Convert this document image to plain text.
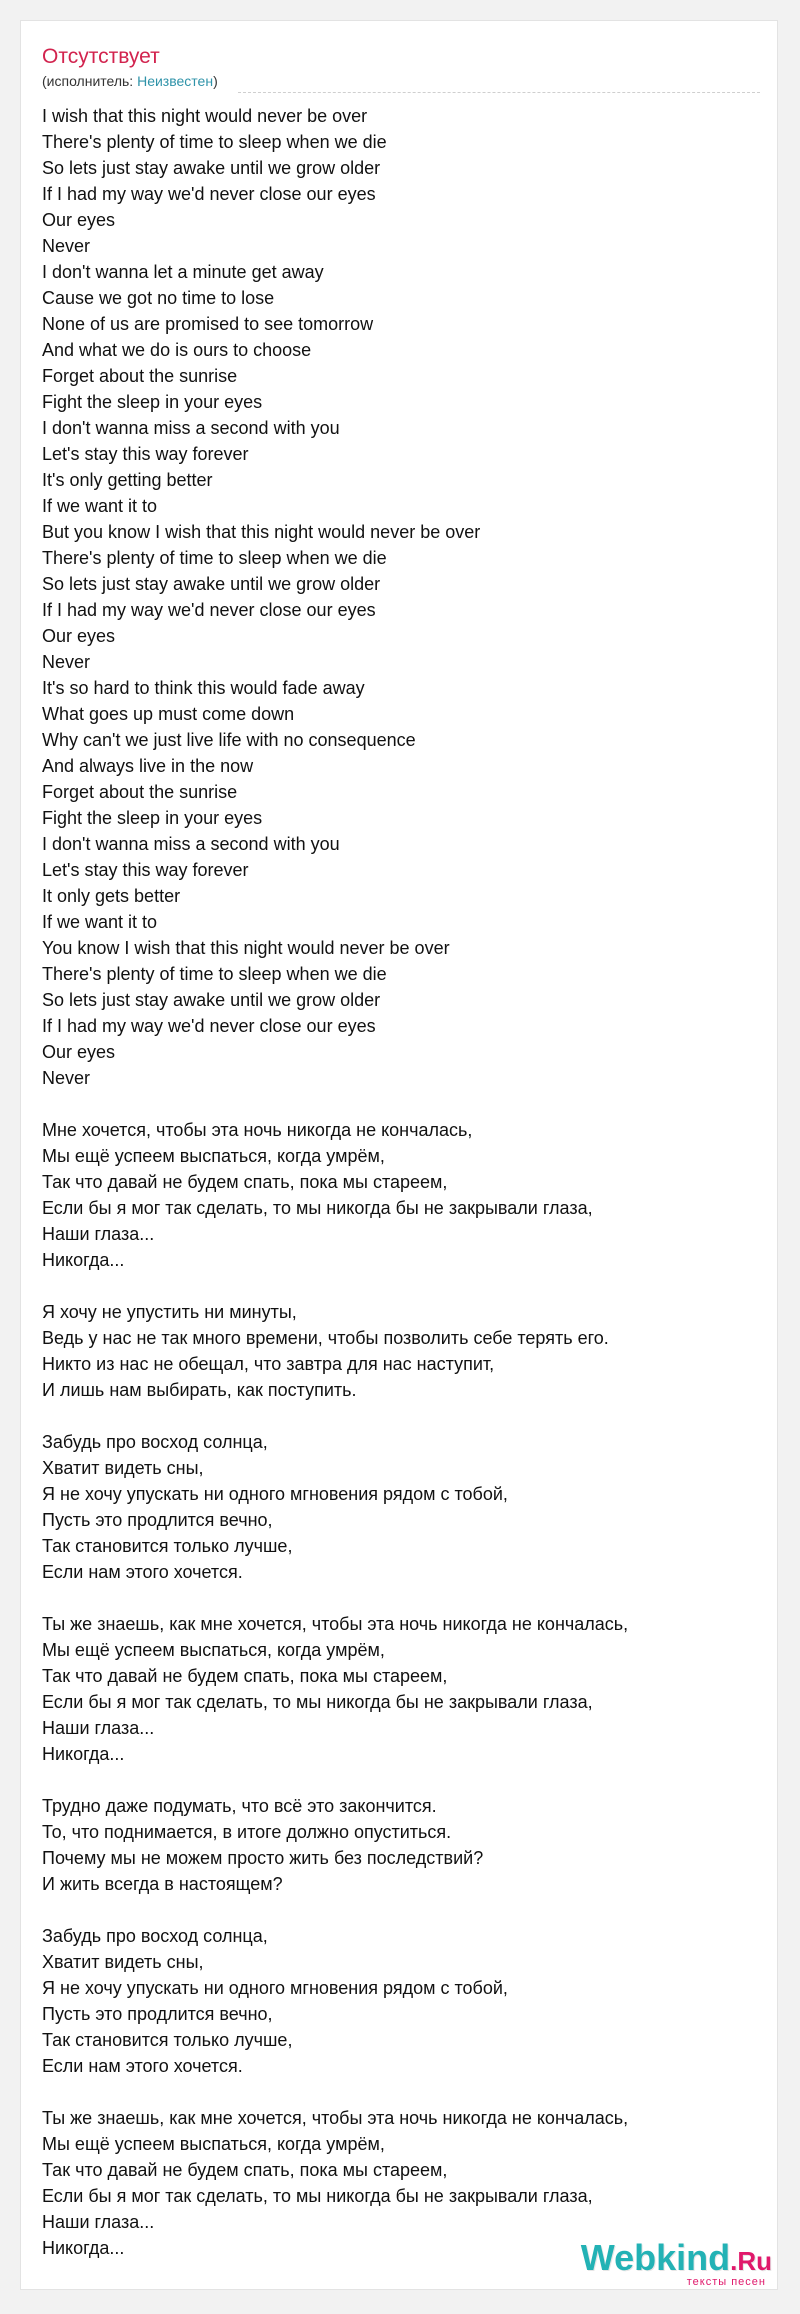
Отсутствует
(исполнитель: Неизвестен)
I wish that this night would never be over
There's plenty of time to sleep when we die
So lets just stay awake until we grow older
If I had my way we'd never close our eyes
Our eyes
Never
I don't wanna let a minute get away
Cause we got no time to lose
None of us are promised to see tomorrow
And what we do is ours to choose
Forget about the sunrise
Fight the sleep in your eyes
I don't wanna miss a second with you
Let's stay this way forever
It's only getting better
If we want it to
But you know I wish that this night would never be over
There's plenty of time to sleep when we die
So lets just stay awake until we grow older
If I had my way we'd never close our eyes
Our eyes
Never
It's so hard to think this would fade away
What goes up must come down
Why can't we just live life with no consequence
And always live in the now
Forget about the sunrise
Fight the sleep in your eyes
I don't wanna miss a second with you
Let's stay this way forever
It only gets better
If we want it to
You know I wish that this night would never be over
There's plenty of time to sleep when we die
So lets just stay awake until we grow older
If I had my way we'd never close our eyes
Our eyes
Never
Мне хочется, чтобы эта ночь никогда не кончалась,
Мы ещё успеем выспаться, когда умрём,
Так что давай не будем спать, пока мы стареем,
Если бы я мог так сделать, то мы никогда бы не закрывали глаза,
Наши глаза...
Никогда...
Я хочу не упустить ни минуты,
Ведь у нас не так много времени, чтобы позволить себе терять его.
Никто из нас не обещал, что завтра для нас наступит,
И лишь нам выбирать, как поступить.
Забудь про восход солнца,
Хватит видеть сны,
Я не хочу упускать ни одного мгновения рядом с тобой,
Пусть это продлится вечно,
Так становится только лучше,
Если нам этого хочется.
Ты же знаешь, как мне хочется, чтобы эта ночь никогда не кончалась,
Мы ещё успеем выспаться, когда умрём,
Так что давай не будем спать, пока мы стареем,
Если бы я мог так сделать, то мы никогда бы не закрывали глаза,
Наши глаза...
Никогда...
Трудно даже подумать, что всё это закончится.
То, что поднимается, в итоге должно опуститься.
Почему мы не можем просто жить без последствий?
И жить всегда в настоящем?
Забудь про восход солнца,
Хватит видеть сны,
Я не хочу упускать ни одного мгновения рядом с тобой,
Пусть это продлится вечно,
Так становится только лучше,
Если нам этого хочется.
Ты же знаешь, как мне хочется, чтобы эта ночь никогда не кончалась,
Мы ещё успеем выспаться, когда умрём,
Так что давай не будем спать, пока мы стареем,
Если бы я мог так сделать, то мы никогда бы не закрывали глаза,
Наши глаза...
Никогда...	Webkind.Ru
тексты песен
